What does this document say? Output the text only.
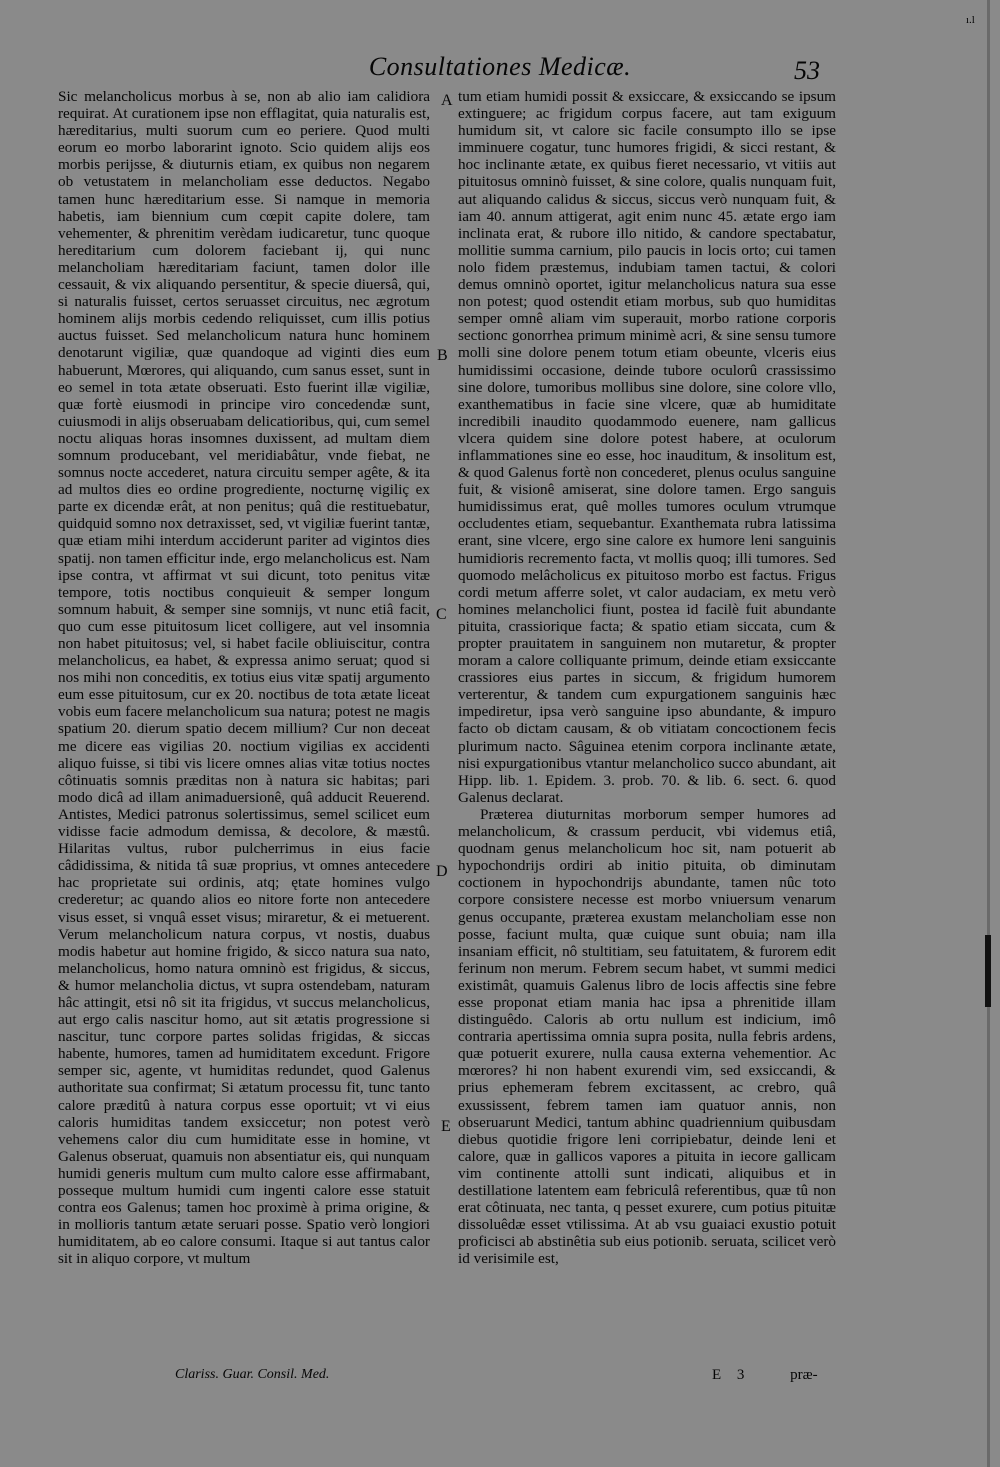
ı.l
Consultationes Medicæ.	53

Sic melancholicus morbus à se, non ab alio iam calidiora requirat. At curationem ipse non efflagitat, quia naturalis est, hæreditarius, multi suorum cum eo periere. Quod multi eorum eo morbo laborarint ignoto. Scio quidem alijs eos morbis perijsse, & diuturnis etiam, ex quibus non negarem ob vetustatem in melancholiam esse deductos. Negabo tamen hunc hæreditarium esse. Si namque in memoria habetis, iam biennium cum cœpit capite dolere, tam vehementer, & phrenitim verèdam iudicaretur, tunc quoque hereditarium cum dolorem faciebant ij, qui nunc melancholiam hæreditariam faciunt, tamen dolor ille cessauit, & vix aliquando persentitur, & specie diuersâ, qui, si naturalis fuisset, certos seruasset circuitus, nec ægrotum hominem alijs morbis cedendo reliquisset, cum illis potius auctus fuisset. Sed melancholicum natura hunc hominem denotarunt vigiliæ, quæ quandoque ad viginti dies eum habuerunt, Mœrores, qui aliquando, cum sanus esset, sunt in eo semel in tota ætate obseruati. Esto fuerint illæ vigiliæ, quæ fortè eiusmodi in principe viro concedendæ sunt, cuiusmodi in alijs obseruabam delicatioribus, qui, cum semel noctu aliquas horas insomnes duxissent, ad multam diem somnum producebant, vel meridiabâtur, vnde fiebat, ne somnus nocte accederet, natura circuitu semper agête, & ita ad multos dies eo ordine progrediente, nocturnę vigiliç ex parte ex dicendæ erât, at non penitus; quâ die restituebatur, quidquid somno nox detraxisset, sed, vt vigiliæ fuerint tantæ, quæ etiam mihi interdum acciderunt pariter ad vigintos dies spatij. non tamen efficitur inde, ergo melancholicus est. Nam ipse contra, vt affirmat vt sui dicunt, toto penitus vitæ tempore, totis noctibus conquieuit & semper longum somnum habuit, & semper sine somnijs, vt nunc etiâ facit, quo cum esse pituitosum licet colligere, aut vel insomnia non habet pituitosus; vel, si habet facile obliuiscitur, contra melancholicus, ea habet, & expressa animo seruat; quod si nos mihi non conceditis, ex totius eius vitæ spatij argumento eum esse pituitosum, cur ex 20. noctibus de tota ætate liceat vobis eum facere melancholicum sua natura; potest ne magis spatium 20. dierum spatio decem millium? Cur non deceat me dicere eas vigilias 20. noctium vigilias ex accidenti aliquo fuisse, si tibi vis licere omnes alias vitæ totius noctes côtinuatis somnis præditas non à natura sic habitas; pari modo dicâ ad illam animaduersionê, quâ adducit Reuerend. Antistes, Medici patronus solertissimus, semel scilicet eum vidisse facie admodum demissa, & decolore, & mæstû. Hilaritas vultus, rubor pulcherrimus in eius facie câdidissima, & nitida tâ suæ proprius, vt omnes antecedere hac proprietate sui ordinis, atq; ętate homines vulgo crederetur; ac quando alios eo nitore forte non antecedere visus esset, si vnquâ esset visus; miraretur, & ei metuerent. Verum melancholicum natura corpus, vt nostis, duabus modis habetur aut homine frigido, & sicco natura sua nato, melancholicus, homo natura omninò est frigidus, & siccus, & humor melancholia dictus, vt supra ostendebam, naturam hâc attingit, etsi nô sit ita frigidus, vt succus melancholicus, aut ergo calis nascitur homo, aut sit ætatis progressione si nascitur, tunc corpore partes solidas frigidas, & siccas habente, humores, tamen ad humiditatem excedunt. Frigore semper sic, agente, vt humiditas redundet, quod Galenus authoritate sua confirmat; Si ætatum processu fit, tunc tanto calore præditû à natura corpus esse oportuit; vt vi eius caloris humiditas tandem exsiccetur; non potest verò vehemens calor diu cum humiditate esse in homine, vt Galenus obseruat, quamuis non absentiatur eis, qui nunquam humidi generis multum cum multo calore esse affirmabant, posseque multum humidi cum ingenti calore esse statuit contra eos Galenus; tamen hoc proximè à prima origine, & in mollioris tantum ætate seruari posse. Spatio verò longiori humiditatem, ab eo calore consumi. Itaque si aut tantus calor sit in aliquo corpore, vt multum

A
B
C
D
E

tum etiam humidi possit & exsiccare, & exsiccando se ipsum extinguere; ac frigidum corpus facere, aut tam exiguum humidum sit, vt calore sic facile consumpto illo se ipse imminuere cogatur, tunc humores frigidi, & sicci restant, & hoc inclinante ætate, ex quibus fieret necessario, vt vitiis aut pituitosus omninò fuisset, & sine colore, qualis nunquam fuit, aut aliquando calidus & siccus, siccus verò nunquam fuit, & iam 40. annum attigerat, agit enim nunc 45. ætate ergo iam inclinata erat, & rubore illo nitido, & candore spectabatur, mollitie summa carnium, pilo paucis in locis orto; cui tamen nolo fidem præstemus, indubiam tamen tactui, & colori demus omninò oportet, igitur melancholicus natura sua esse non potest; quod ostendit etiam morbus, sub quo humiditas semper omnê aliam vim superauit, morbo ratione corporis sectionc gonorrhea primum minimè acri, & sine sensu tumore molli sine dolore penem totum etiam obeunte, vlceris eius humidissimi occasione, deinde tubore oculorû crassissimo sine dolore, tumoribus mollibus sine dolore, sine colore vllo, exanthematibus in facie sine vlcere, quæ ab humiditate incredibili inaudito quodammodo euenere, nam gallicus vlcera quidem sine dolore potest habere, at oculorum inflammationes sine eo esse, hoc inauditum, & insolitum est, & quod Galenus fortè non concederet, plenus oculus sanguine fuit, & visionê amiserat, sine dolore tamen. Ergo sanguis humidissimus erat, quê molles tumores oculum vtrumque occludentes etiam, sequebantur. Exanthemata rubra latissima erant, sine vlcere, ergo sine calore ex humore leni sanguinis humidioris recremento facta, vt mollis quoq; illi tumores. Sed quomodo melâcholicus ex pituitoso morbo est factus. Frigus cordi metum afferre solet, vt calor audaciam, ex metu verò homines melancholici fiunt, postea id facilè fuit abundante pituita, crassiorique facta; & spatio etiam siccata, cum & propter prauitatem in sanguinem non mutaretur, & propter moram a calore colliquante primum, deinde etiam exsiccante crassiores eius partes in siccum, & frigidum humorem verterentur, & tandem cum expurgationem sanguinis hæc impediretur, ipsa verò sanguine ipso abundante, & impuro facto ob dictam causam, & ob vitiatam concoctionem fecis plurimum nacto. Sâguinea etenim corpora inclinante ætate, nisi expurgationibus vtantur melancholico succo abundant, ait Hipp. lib. 1. Epidem. 3. prob. 70. & lib. 6. sect. 6. quod Galenus declarat.

Præterea diuturnitas morborum semper humores ad melancholicum, & crassum perducit, vbi videmus etiâ, quodnam genus melancholicum hoc sit, nam potuerit ab hypochondrijs ordiri ab initio pituita, ob diminutam coctionem in hypochondrijs abundante, tamen nûc toto corpore consistere necesse est morbo vniuersum venarum genus occupante, præterea exustam melancholiam esse non posse, faciunt multa, quæ cuique sunt obuia; nam illa insaniam efficit, nô stultitiam, seu fatuitatem, & furorem edit ferinum non merum. Febrem secum habet, vt summi medici existimât, quamuis Galenus libro de locis affectis sine febre esse proponat etiam mania hac ipsa a phrenitide illam distinguêdo. Caloris ab ortu nullum est indicium, imô contraria apertissima omnia supra posita, nulla febris ardens, quæ potuerit exurere, nulla causa externa vehementior. Ac mœrores? hi non habent exurendi vim, sed exsiccandi, & prius ephemeram febrem excitassent, ac crebro, quâ exussissent, febrem tamen iam quatuor annis, non obseruarunt Medici, tantum abhinc quadriennium quibusdam diebus quotidie frigore leni corripiebatur, deinde leni et calore, quæ in gallicos vapores a pituita in iecore gallicam vim continente attolli sunt indicati, aliquibus et in destillatione latentem eam febriculâ referentibus, quæ tû non erat côtinuata, nec tanta, q pesset exurere, cum potius pituitæ dissoluêdæ esset vtilissima. At ab vsu guaiaci exustio potuit proficisci ab abstinêtia sub eius potionib. seruata, scilicet verò id verisimile est,

Clariss. Guar. Consil. Med.	E 3	præ-
